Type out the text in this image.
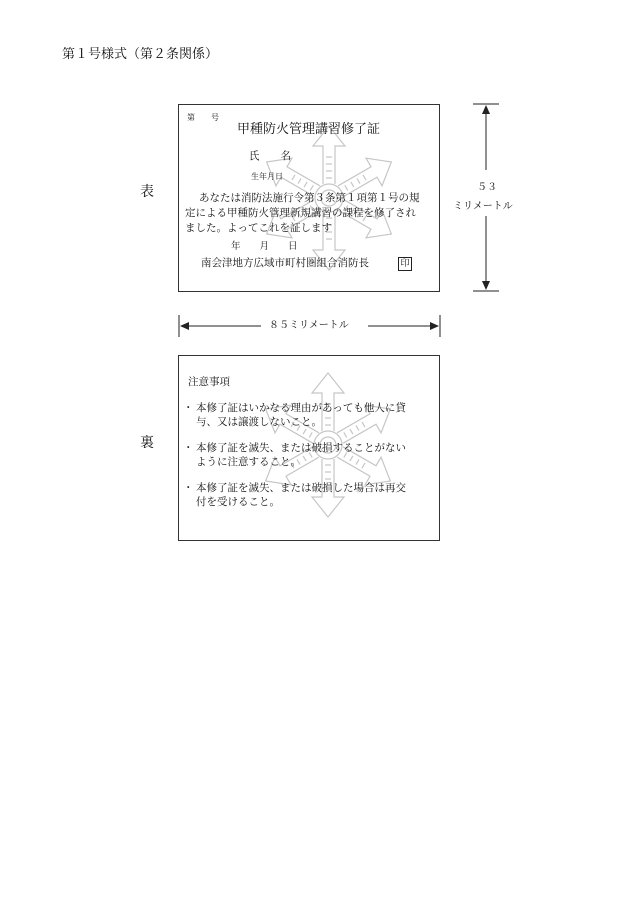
第１号様式（第２条関係）
表
裏
第　　号
甲種防火管理講習修了証
氏　　名
生年月日
あなたは消防法施行令第３条第１項第１号の規
定による甲種防火管理新規講習の課程を修了され
ました。よってこれを証します
年　　月　　日
南会津地方広域市町村圏組合消防長	印
５３
ミリメートル
８５ミリメートル
注意事項
・ 本修了証はいかなる理由があっても他人に貸
与、又は譲渡しないこと。
・ 本修了証を滅失、または破損することがない
ように注意すること。
・ 本修了証を滅失、または破損した場合は再交
付を受けること。
